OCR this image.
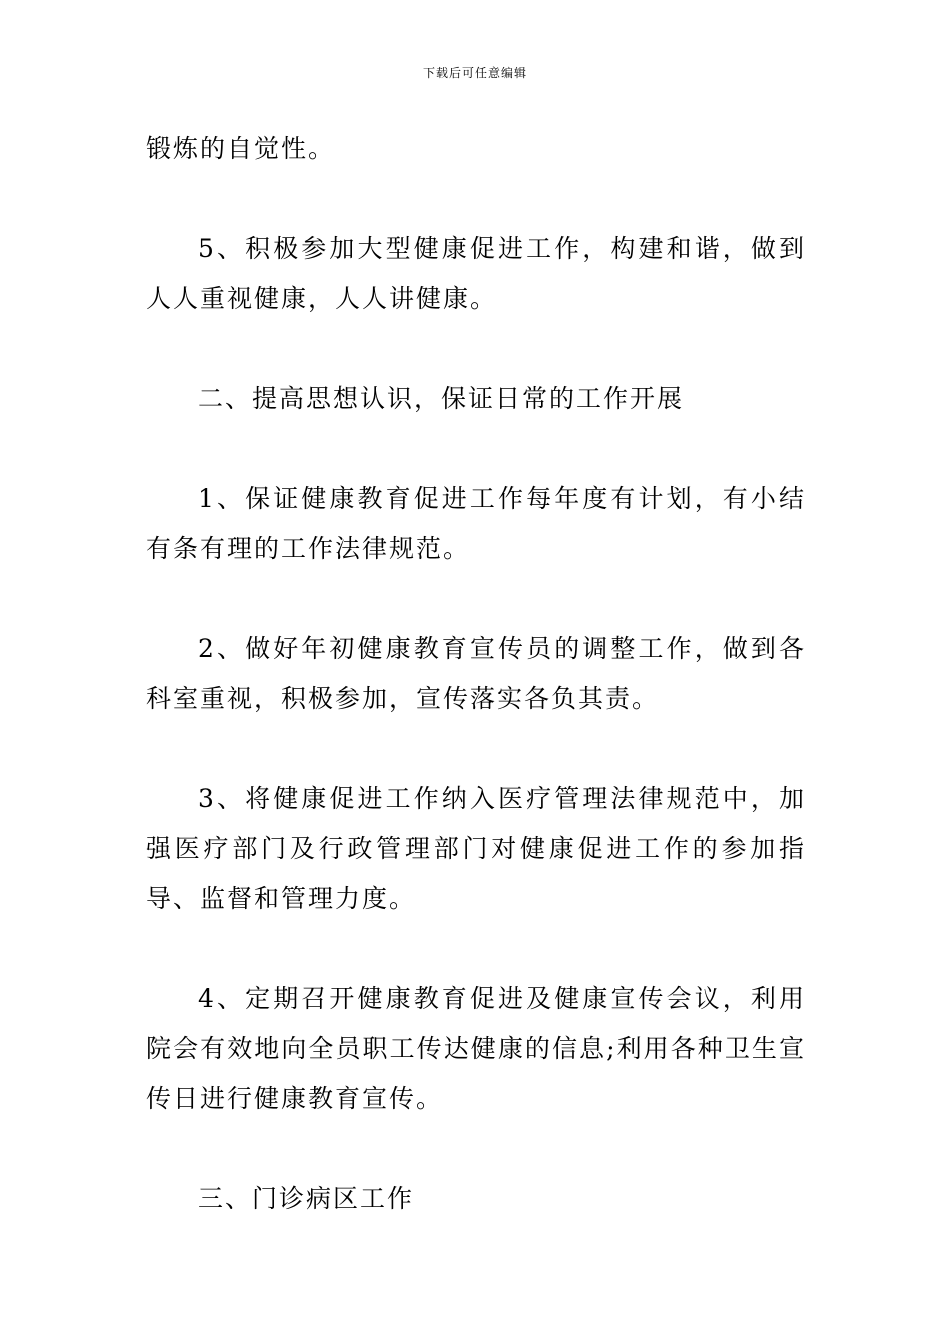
下载后可任意编辑

锻炼的自觉性。

5、积极参加大型健康促进工作，构建和谐，做到人人重视健康，人人讲健康。

二、提高思想认识，保证日常的工作开展

1、保证健康教育促进工作每年度有计划，有小结有条有理的工作法律规范。

2、做好年初健康教育宣传员的调整工作，做到各科室重视，积极参加，宣传落实各负其责。

3、将健康促进工作纳入医疗管理法律规范中，加强医疗部门及行政管理部门对健康促进工作的参加指导、监督和管理力度。

4、定期召开健康教育促进及健康宣传会议，利用院会有效地向全员职工传达健康的信息;利用各种卫生宣传日进行健康教育宣传。

三、门诊病区工作
